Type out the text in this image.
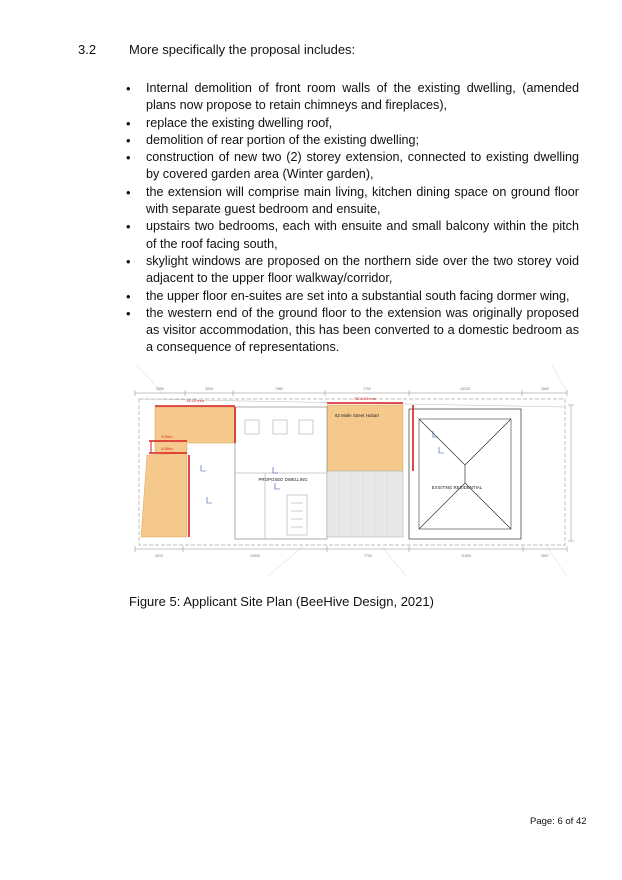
3.2	More specifically the proposal includes:
• Internal demolition of front room walls of the existing dwelling, (amended plans now propose to retain chimneys and fireplaces),
• replace the existing dwelling roof,
• demolition of rear portion of the existing dwelling;
• construction of new two (2) storey extension, connected to existing dwelling by covered garden area (Winter garden),
• the extension will comprise main living, kitchen dining space on ground floor with separate guest bedroom and ensuite,
• upstairs two bedrooms, each with ensuite and small balcony within the pitch of the roof facing south,
• skylight windows are proposed on the northern side over the two storey void adjacent to the upper floor walkway/corridor,
• the upper floor en-suites are set into a substantial south facing dormer wing,
• the western end of the ground floor to the extension was originally proposed as visitor accommodation, this has been converted to a domestic bedroom as a consequence of representations.
2550	3000	7980	7700	10120	2660
14.20 mm	7504.00 mm
6.00m
6.00m
82 Molle Street Hobart
PROPOSED DWELLING
EXISTING RESIDENTIAL
2610	10530	7700	11500	2657
Figure 5: Applicant Site Plan (BeeHive Design, 2021)
Page: 6 of 42
